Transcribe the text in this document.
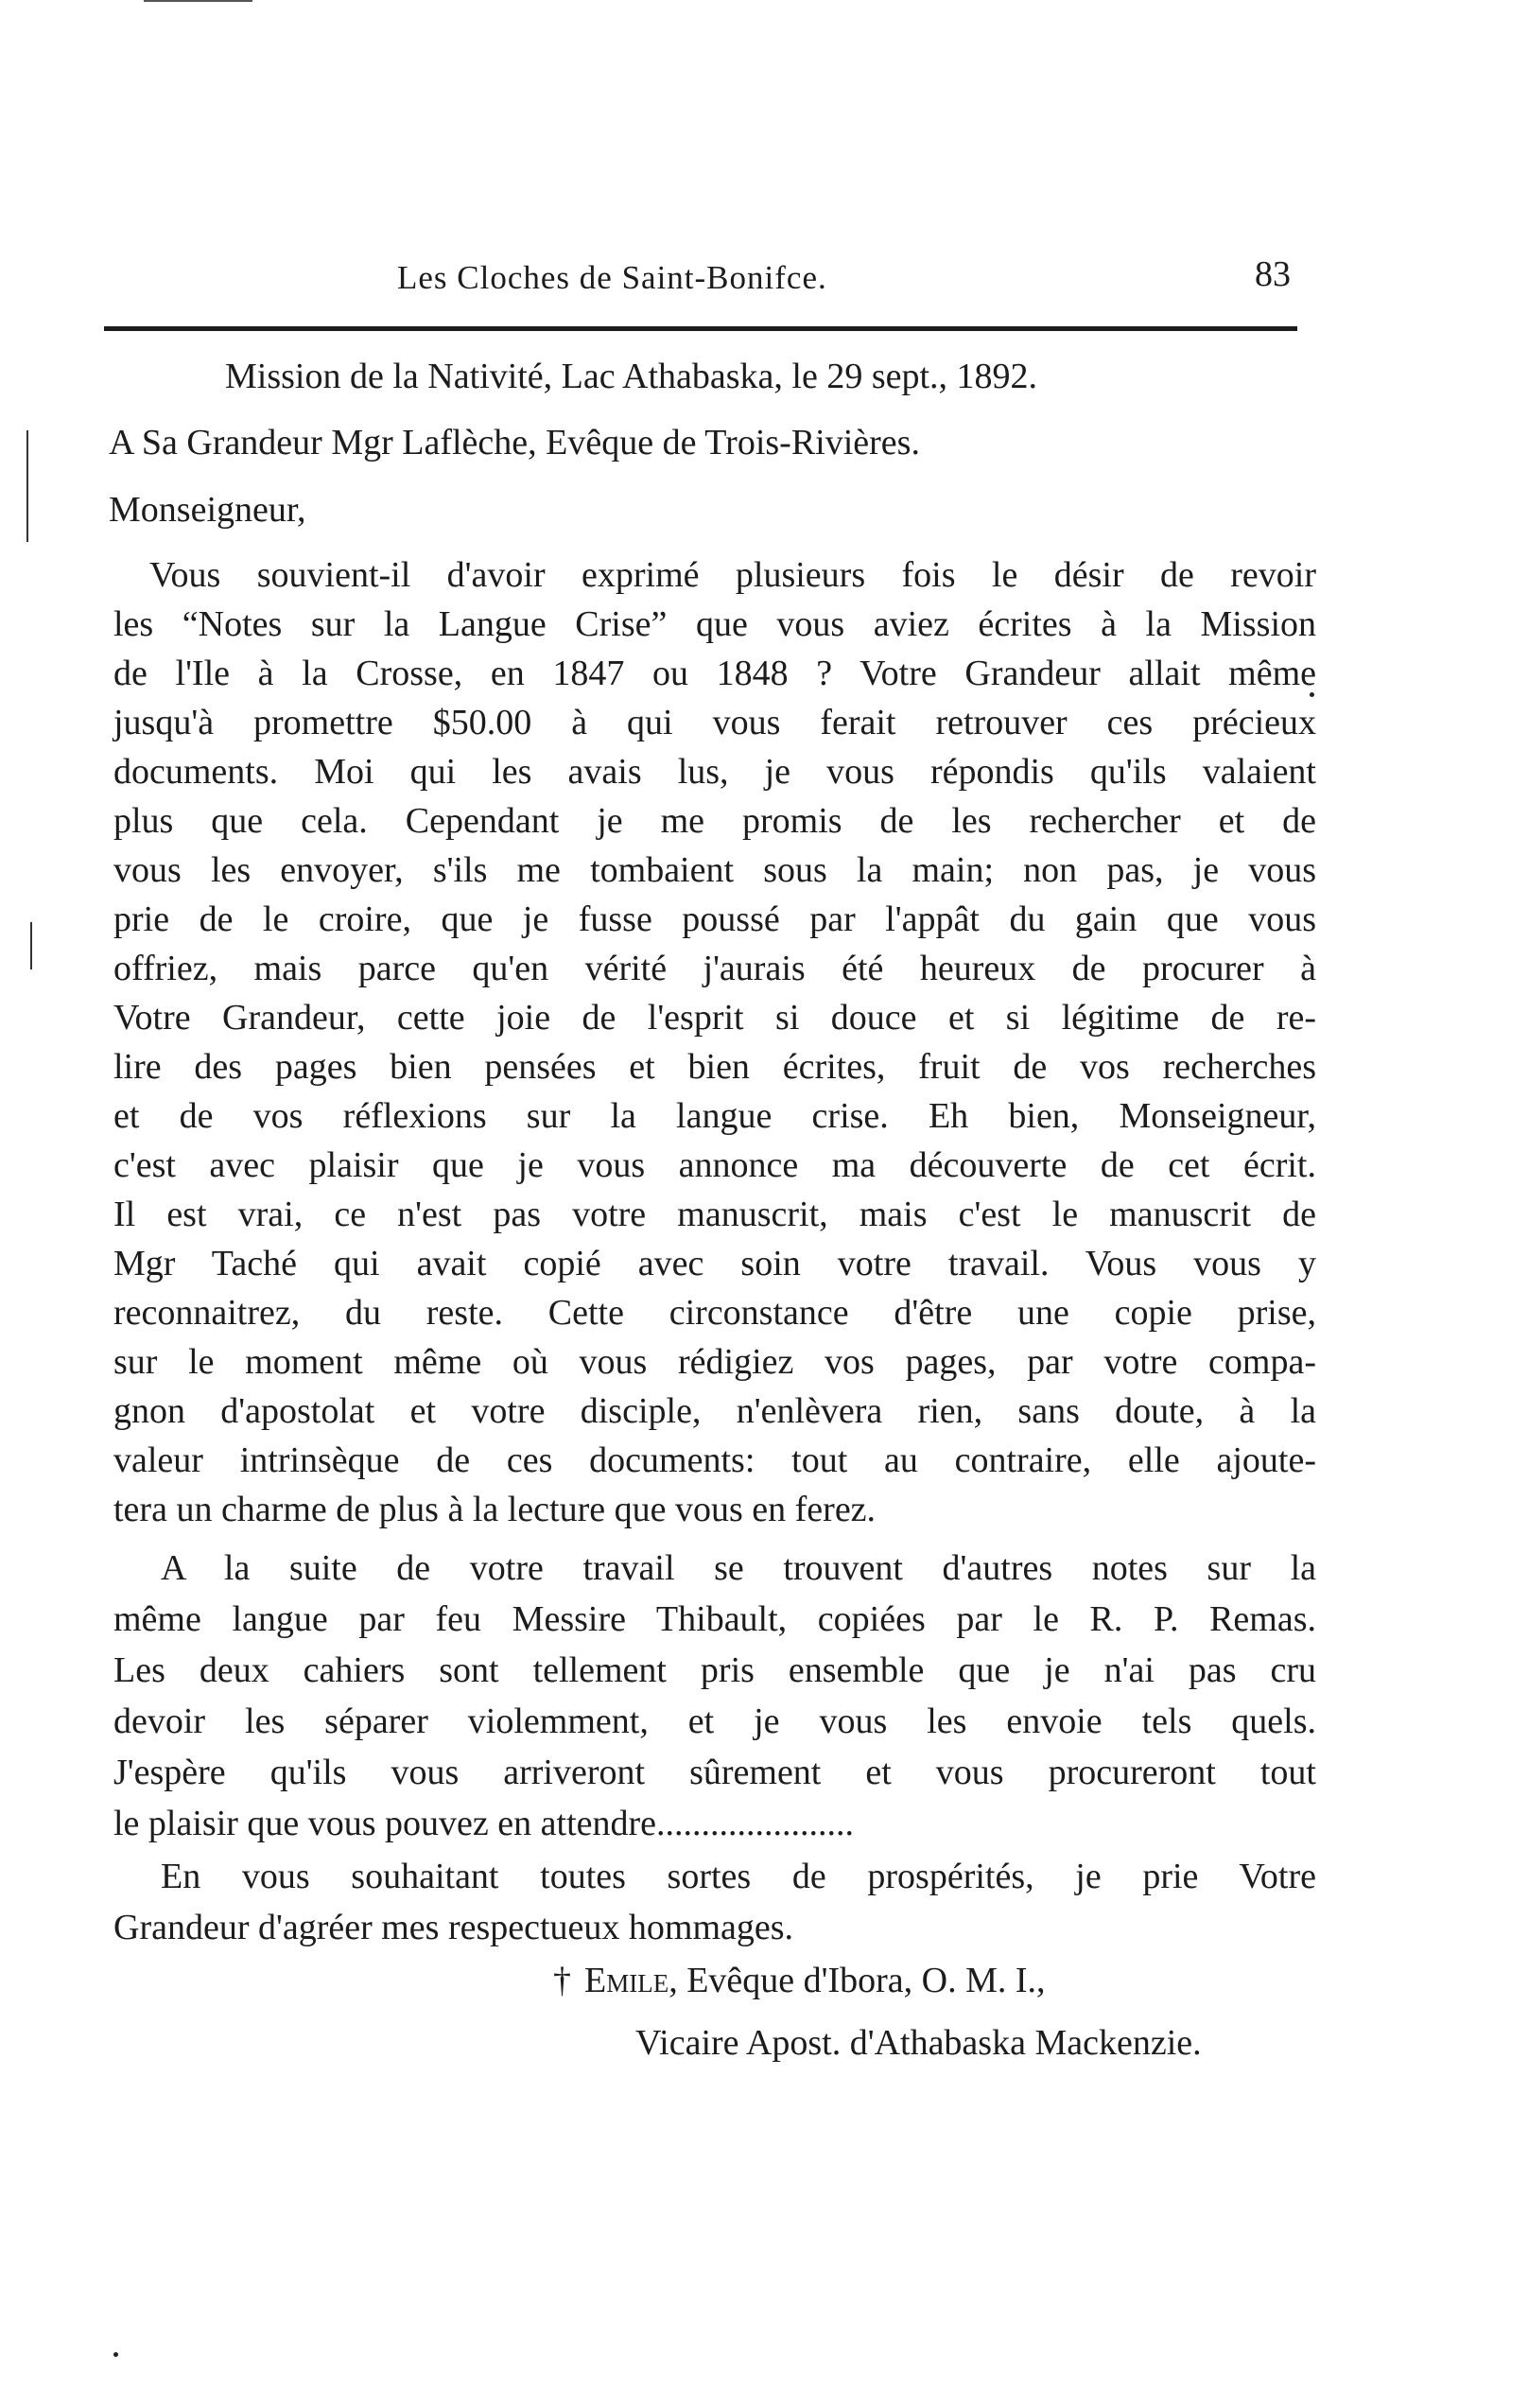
Les Cloches de Saint-Bonifce.	83
Mission de la Nativité, Lac Athabaska, le 29 sept., 1892.
A Sa Grandeur Mgr Laflèche, Evêque de Trois-Rivières.
Monseigneur,
Vous souvient-il d'avoir exprimé plusieurs fois le désir de revoir
les “Notes sur la Langue Crise” que vous aviez écrites à la Mission
de l'Ile à la Crosse, en 1847 ou 1848 ? Votre Grandeur allait même
jusqu'à promettre $50.00 à qui vous ferait retrouver ces précieux
documents. Moi qui les avais lus, je vous répondis qu'ils valaient
plus que cela. Cependant je me promis de les rechercher et de
vous les envoyer, s'ils me tombaient sous la main; non pas, je vous
prie de le croire, que je fusse poussé par l'appât du gain que vous
offriez, mais parce qu'en vérité j'aurais été heureux de procurer à
Votre Grandeur, cette joie de l'esprit si douce et si légitime de re-
lire des pages bien pensées et bien écrites, fruit de vos recherches
et de vos réflexions sur la langue crise. Eh bien, Monseigneur,
c'est avec plaisir que je vous annonce ma découverte de cet écrit.
Il est vrai, ce n'est pas votre manuscrit, mais c'est le manuscrit de
Mgr Taché qui avait copié avec soin votre travail. Vous vous y
reconnaitrez, du reste. Cette circonstance d'être une copie prise,
sur le moment même où vous rédigiez vos pages, par votre compa-
gnon d'apostolat et votre disciple, n'enlèvera rien, sans doute, à la
valeur intrinsèque de ces documents: tout au contraire, elle ajoute-
tera un charme de plus à la lecture que vous en ferez.
A la suite de votre travail se trouvent d'autres notes sur la
même langue par feu Messire Thibault, copiées par le R. P. Remas.
Les deux cahiers sont tellement pris ensemble que je n'ai pas cru
devoir les séparer violemment, et je vous les envoie tels quels.
J'espère qu'ils vous arriveront sûrement et vous procureront tout
le plaisir que vous pouvez en attendre......................
En vous souhaitant toutes sortes de prospérités, je prie Votre
Grandeur d'agréer mes respectueux hommages.
† Emile, Evêque d'Ibora, O. M. I.,
Vicaire Apost. d'Athabaska Mackenzie.
